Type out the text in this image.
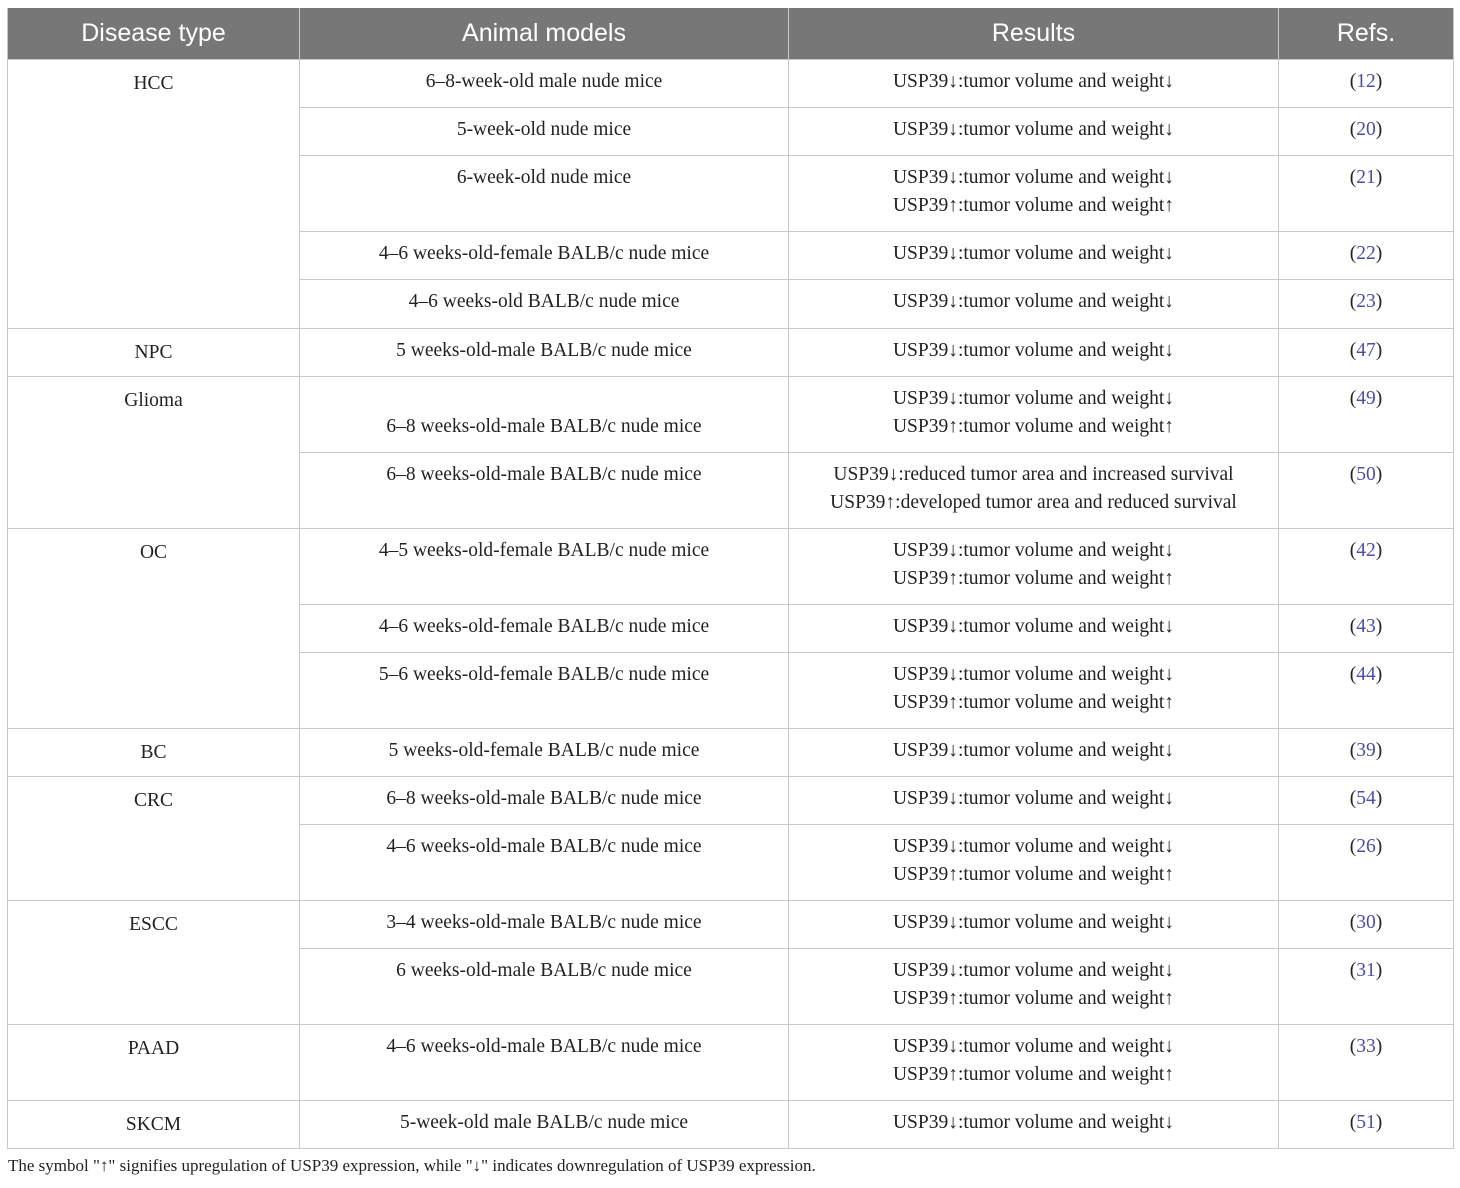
Disease type	Animal models	Results	Refs.
HCC	6–8-week-old male nude mice	USP39↓:tumor volume and weight↓	(12)

	5-week-old nude mice	USP39↓:tumor volume and weight↓	(20)

	6-week-old nude mice	USP39↓:tumor volume and weight↓
USP39↑:tumor volume and weight↑	(21)

	4–6 weeks-old-female BALB/c nude mice	USP39↓:tumor volume and weight↓	(22)

	4–6 weeks-old BALB/c nude mice	USP39↓:tumor volume and weight↓	(23)
NPC	5 weeks-old-male BALB/c nude mice	USP39↓:tumor volume and weight↓	(47)
Glioma	6–8 weeks-old-male BALB/c nude mice	USP39↓:tumor volume and weight↓
USP39↑:tumor volume and weight↑	(49)

	6–8 weeks-old-male BALB/c nude mice	USP39↓:reduced tumor area and increased survival
USP39↑:developed tumor area and reduced survival	(50)
OC	4–5 weeks-old-female BALB/c nude mice	USP39↓:tumor volume and weight↓
USP39↑:tumor volume and weight↑	(42)

	4–6 weeks-old-female BALB/c nude mice	USP39↓:tumor volume and weight↓	(43)

	5–6 weeks-old-female BALB/c nude mice	USP39↓:tumor volume and weight↓
USP39↑:tumor volume and weight↑	(44)
BC	5 weeks-old-female BALB/c nude mice	USP39↓:tumor volume and weight↓	(39)
CRC	6–8 weeks-old-male BALB/c nude mice	USP39↓:tumor volume and weight↓	(54)

	4–6 weeks-old-male BALB/c nude mice	USP39↓:tumor volume and weight↓
USP39↑:tumor volume and weight↑	(26)
ESCC	3–4 weeks-old-male BALB/c nude mice	USP39↓:tumor volume and weight↓	(30)

	6 weeks-old-male BALB/c nude mice	USP39↓:tumor volume and weight↓
USP39↑:tumor volume and weight↑	(31)
PAAD	4–6 weeks-old-male BALB/c nude mice	USP39↓:tumor volume and weight↓
USP39↑:tumor volume and weight↑	(33)
SKCM	5-week-old male BALB/c nude mice	USP39↓:tumor volume and weight↓	(51)
The symbol "↑" signifies upregulation of USP39 expression, while "↓" indicates downregulation of USP39 expression.
